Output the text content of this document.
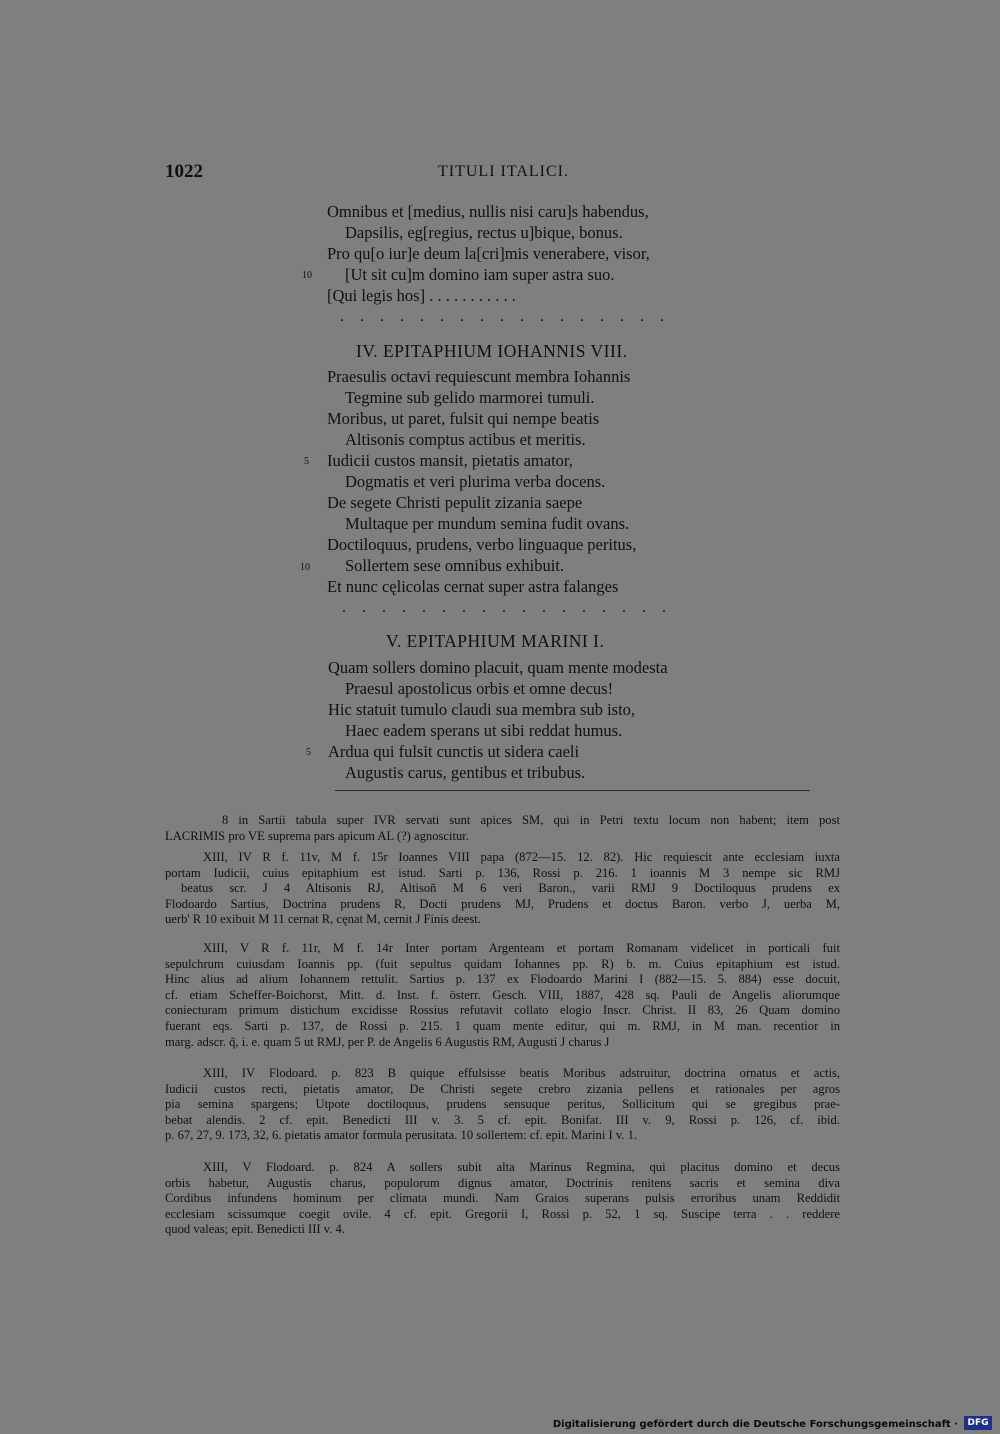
1022	TITULI ITALICI.
Omnibus et [medius, nullis nisi caru]s habendus,
Dapsilis, eg[regius, rectus u]bique, bonus.
Pro qu[o iur]e deum la[cri]mis venerabere, visor,
10 [Ut sit cu]m domino iam super astra suo.
[Qui legis hos] . . . . . . . . . . .
. . . . . . . . . . . . . . . . .
IV. EPITAPHIUM IOHANNIS VIII.
Praesulis octavi requiescunt membra Iohannis
Tegmine sub gelido marmorei tumuli.
Moribus, ut paret, fulsit qui nempe beatis
Altisonis comptus actibus et meritis.
5 Iudicii custos mansit, pietatis amator,
Dogmatis et veri plurima verba docens.
De segete Christi pepulit zizania saepe
Multaque per mundum semina fudit ovans.
Doctiloquus, prudens, verbo linguaque peritus,
10 Sollertem sese omnibus exhibuit.
Et nunc cęlicolas cernat super astra falanges
. . . . . . . . . . . . . . . . .
V. EPITAPHIUM MARINI I.
Quam sollers domino placuit, quam mente modesta
Praesul apostolicus orbis et omne decus!
Hic statuit tumulo claudi sua membra sub isto,
Haec eadem sperans ut sibi reddat humus.
5 Ardua qui fulsit cunctis ut sidera caeli
Augustis carus, gentibus et tribubus.
8 in Sartii tabula super IVR servati sunt apices SM, qui in Petri textu locum non habent; item post
LACRIMIS pro VE suprema pars apicum AL (?) agnoscitur.
XIII, IV R f. 11v, M f. 15r Ioannes VIII papa (872—15. 12. 82). Hic requiescit ante ecclesiam iuxta
portam Iudicii, cuius epitaphium est istud. Sarti p. 136, Rossi p. 216. 1 ioannis M 3 nempe sic RMJ
beatus scr. J 4 Altisonis RJ, Altisoñ M 6 veri Baron., varii RMJ 9 Doctiloquus prudens ex
Flodoardo Sartius, Doctrina prudens R, Docti prudens MJ, Prudens et doctus Baron. verbo J, uerba M,
uerb' R 10 exibuit M 11 cernat R, cęnat M, cernit J Finis deest.
XIII, V R f. 11r, M f. 14r Inter portam Argenteam et portam Romanam videlicet in porticali fuit
sepulchrum cuiusdam Ioannis pp. (fuit sepultus quidam Iohannes pp. R) b. m. Cuius epitaphium est istud.
Hinc alius ad alium Iohannem rettulit. Sartius p. 137 ex Flodoardo Marini I (882—15. 5. 884) esse docuit,
cf. etiam Scheffer-Boichorst, Mitt. d. Inst. f. österr. Gesch. VIII, 1887, 428 sq. Pauli de Angelis aliorumque
coniecturam primum distichum excidisse Rossius refutavit collato elogio Inscr. Christ. II 83, 26 Quam domino
fuerant eqs. Sarti p. 137, de Rossi p. 215. 1 quam mente editur, qui m. RMJ, in M man. recentior in
marg. adscr. q̃, i. e. quam 5 ut RMJ, per P. de Angelis 6 Augustis RM, Augusti J charus J
XIII, IV Flodoard. p. 823 B quique effulsisse beatis Moribus adstruitur, doctrina ornatus et actis,
Iudicii custos recti, pietatis amator, De Christi segete crebro zizania pellens et rationales per agros
pia semina spargens; Utpote doctiloquus, prudens sensuque peritus, Sollicitum qui se gregibus prae-
bebat alendis. 2 cf. epit. Benedicti III v. 3. 5 cf. epit. Bonifat. III v. 9, Rossi p. 126, cf. ibid.
p. 67, 27, 9. 173, 32, 6. pietatis amator formula perusitata. 10 sollertem: cf. epit. Marini I v. 1.
XIII, V Flodoard. p. 824 A sollers subit alta Marinus Regmina, qui placitus domino et decus
orbis habetur, Augustis charus, populorum dignus amator, Doctrinis renitens sacris et semina diva
Cordibus infundens hominum per climata mundi. Nam Graios superans pulsis erroribus unam Reddidit
ecclesiam scissumque coegit ovile. 4 cf. epit. Gregorii I, Rossi p. 52, 1 sq. Suscipe terra . . reddere
quod valeas; epit. Benedicti III v. 4.
Digitalisierung gefördert durch die Deutsche Forschungsgemeinschaft ·	DFG
